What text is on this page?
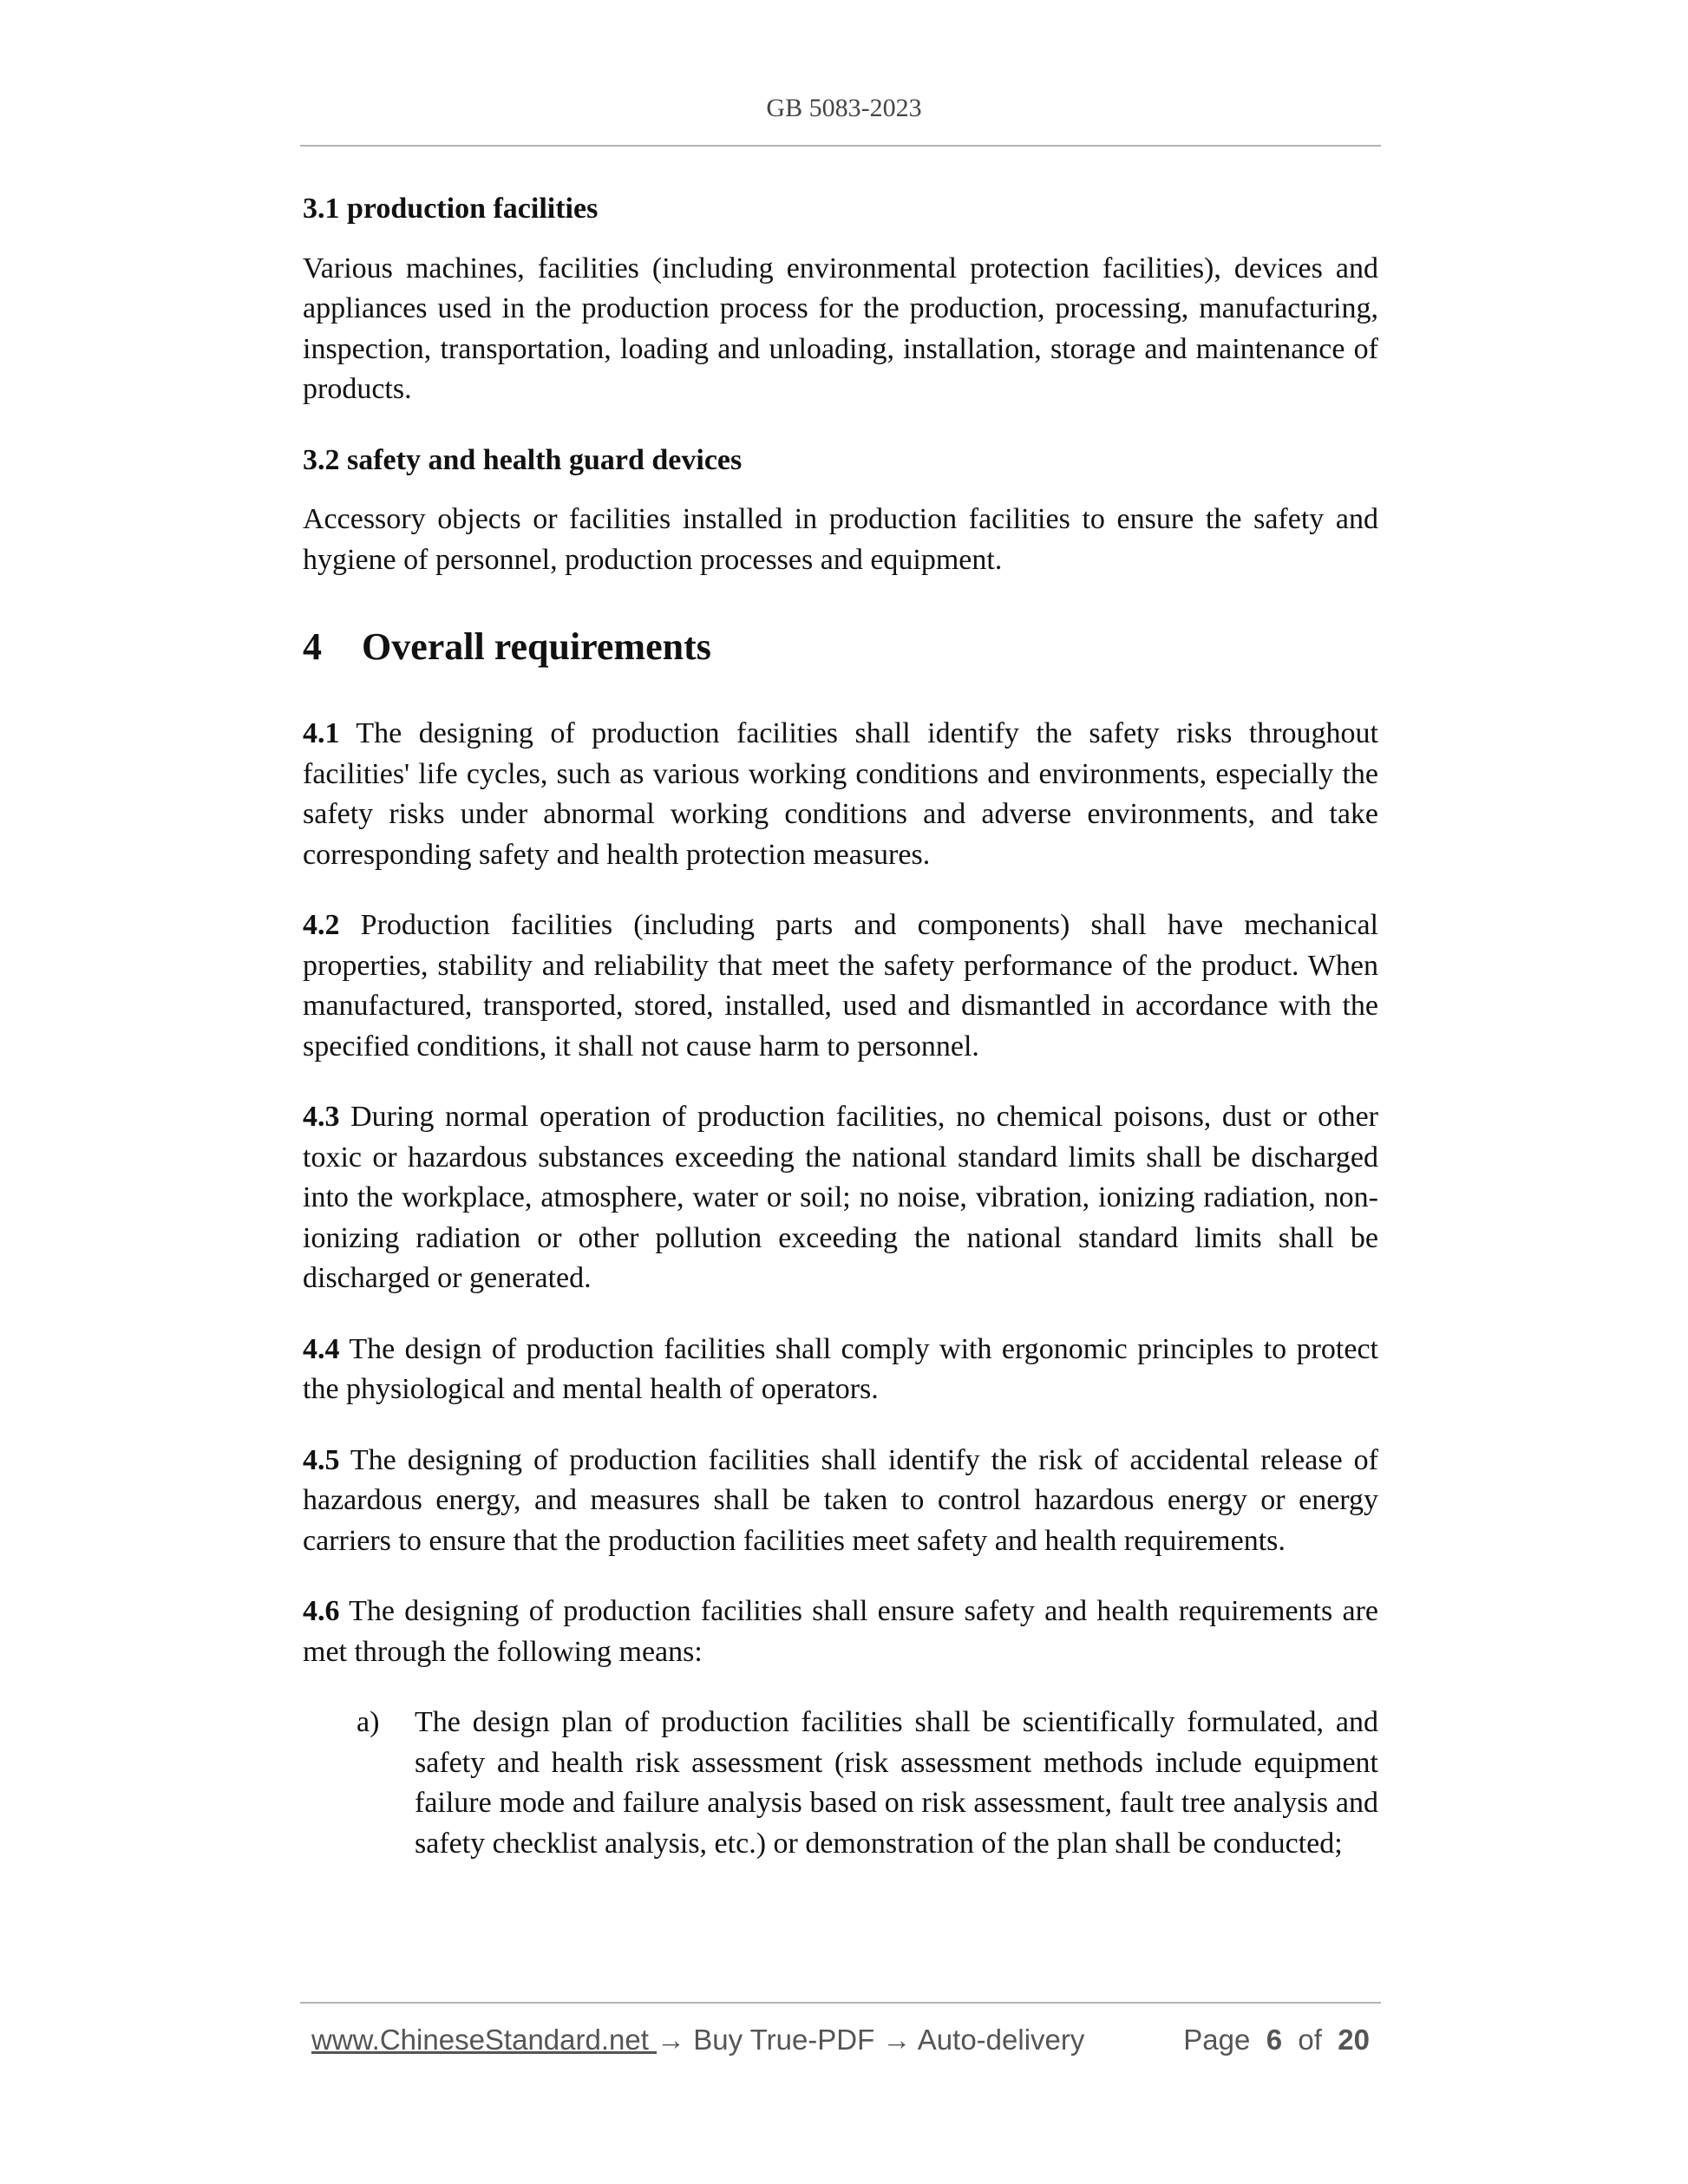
GB 5083-2023

3.1 production facilities

Various machines, facilities (including environmental protection facilities), devices and appliances used in the production process for the production, processing, manufacturing, inspection, transportation, loading and unloading, installation, storage and maintenance of products.

3.2 safety and health guard devices

Accessory objects or facilities installed in production facilities to ensure the safety and hygiene of personnel, production processes and equipment.

4 Overall requirements

4.1 The designing of production facilities shall identify the safety risks throughout facilities' life cycles, such as various working conditions and environments, especially the safety risks under abnormal working conditions and adverse environments, and take corresponding safety and health protection measures.

4.2 Production facilities (including parts and components) shall have mechanical properties, stability and reliability that meet the safety performance of the product. When manufactured, transported, stored, installed, used and dismantled in accordance with the specified conditions, it shall not cause harm to personnel.

4.3 During normal operation of production facilities, no chemical poisons, dust or other toxic or hazardous substances exceeding the national standard limits shall be discharged into the workplace, atmosphere, water or soil; no noise, vibration, ionizing radiation, non-ionizing radiation or other pollution exceeding the national standard limits shall be discharged or generated.

4.4 The design of production facilities shall comply with ergonomic principles to protect the physiological and mental health of operators.

4.5 The designing of production facilities shall identify the risk of accidental release of hazardous energy, and measures shall be taken to control hazardous energy or energy carriers to ensure that the production facilities meet safety and health requirements.

4.6 The designing of production facilities shall ensure safety and health requirements are met through the following means:

a) The design plan of production facilities shall be scientifically formulated, and safety and health risk assessment (risk assessment methods include equipment failure mode and failure analysis based on risk assessment, fault tree analysis and safety checklist analysis, etc.) or demonstration of the plan shall be conducted;
www.ChineseStandard.net → Buy True-PDF → Auto-delivery	Page 6 of 20
